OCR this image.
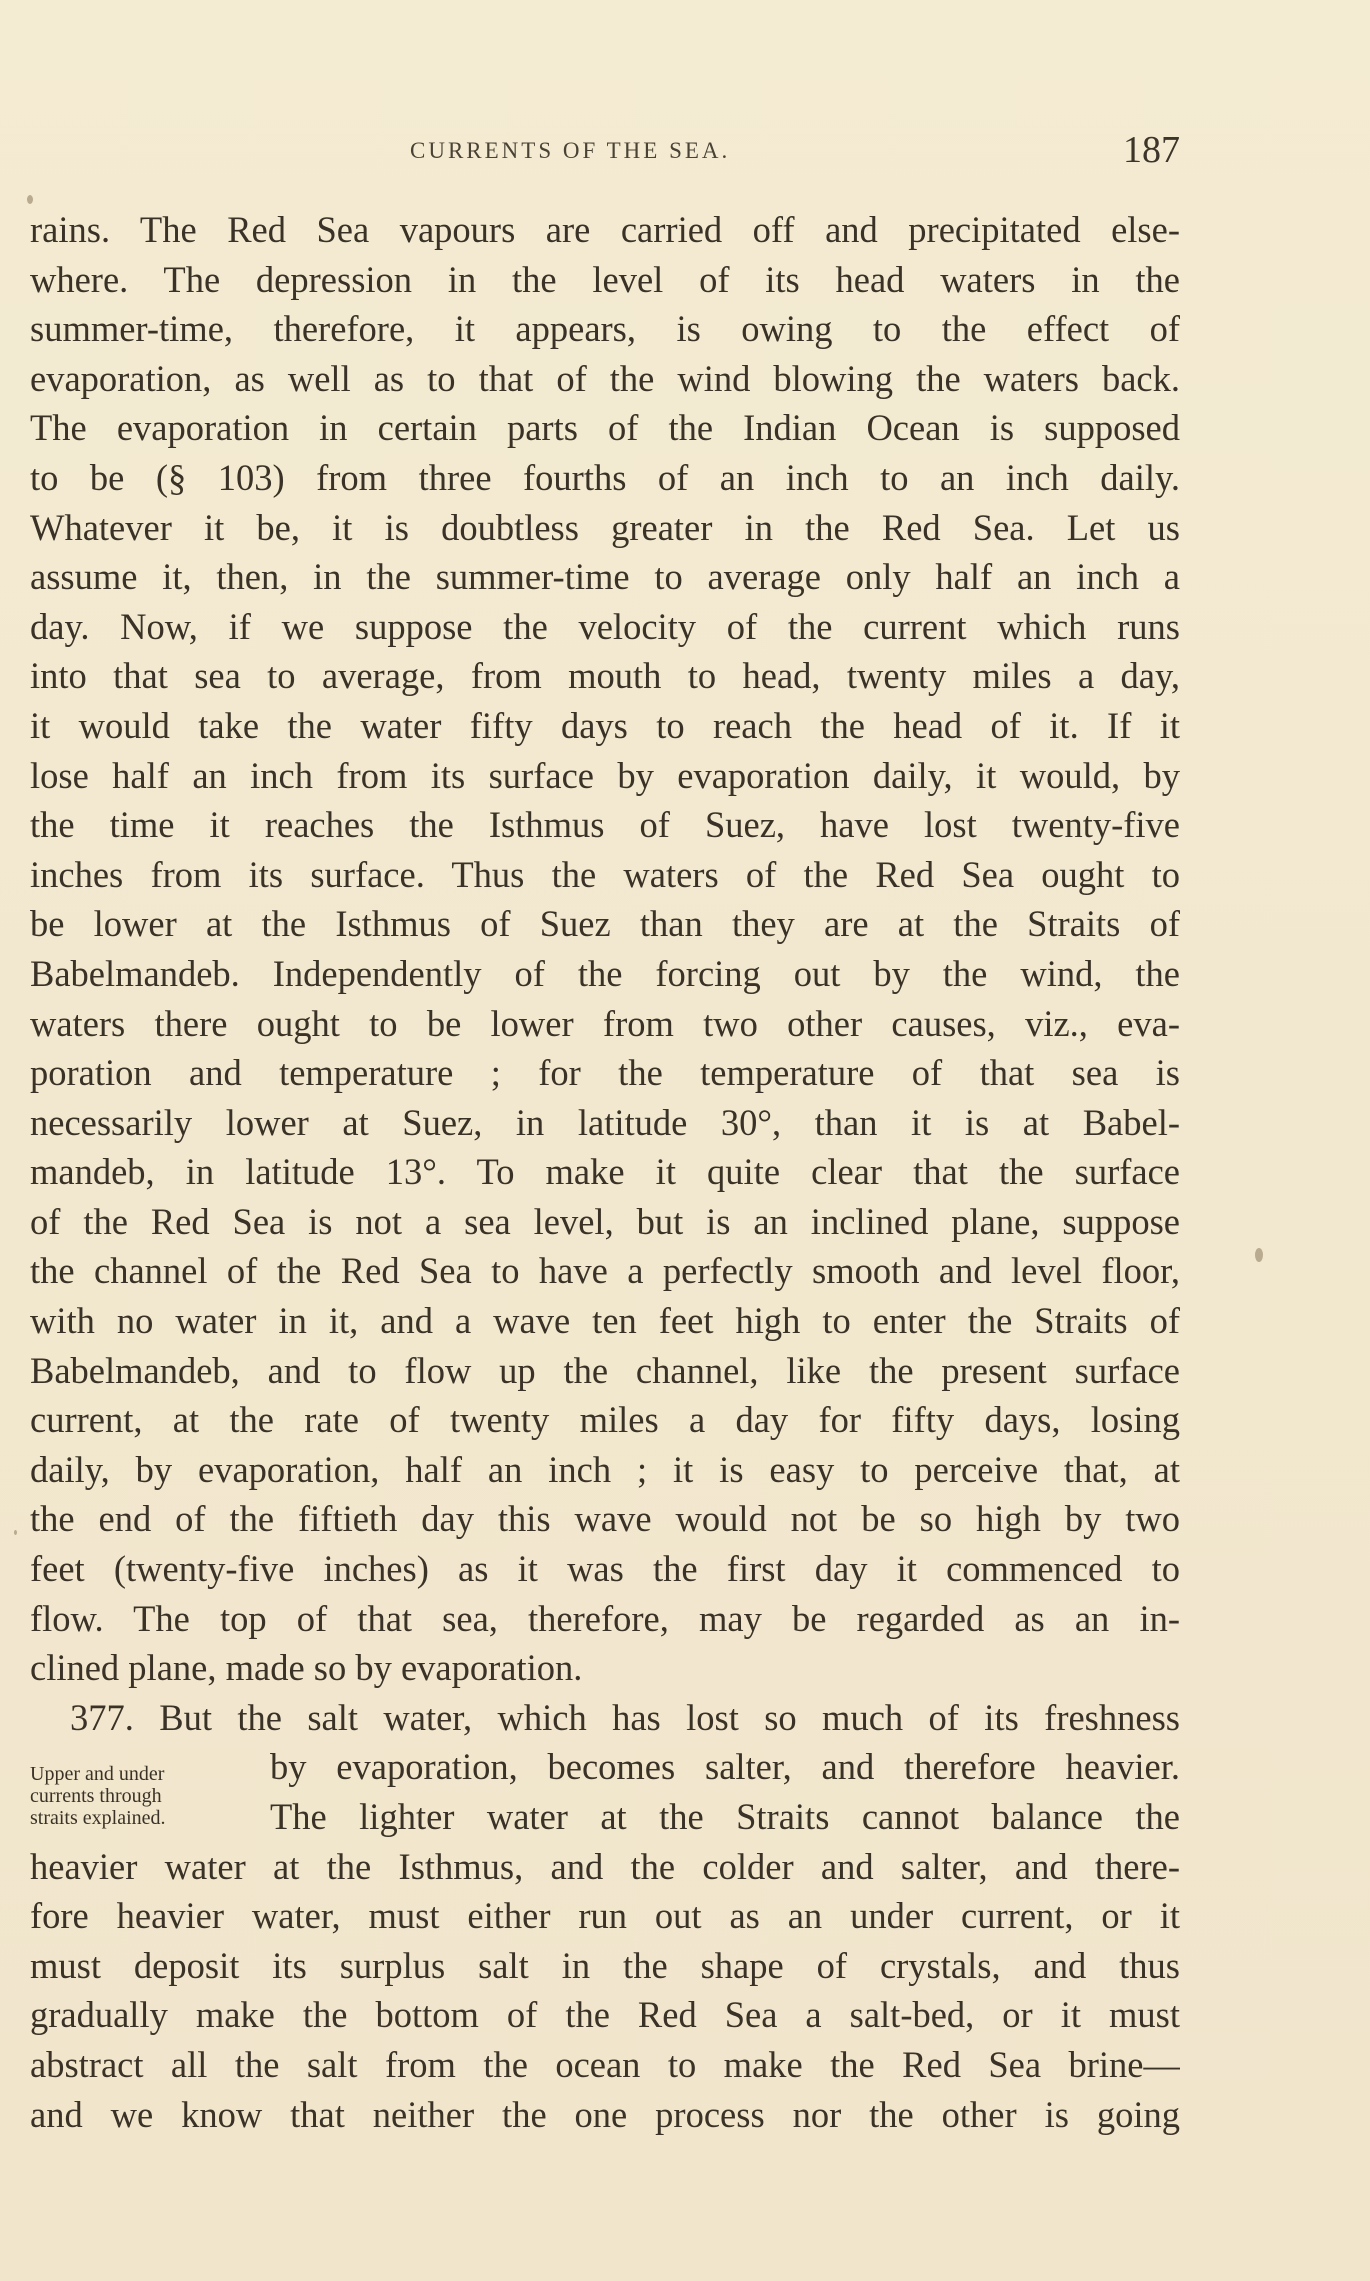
CURRENTS OF THE SEA.	187
rains. The Red Sea vapours are carried off and precipitated else-
where. The depression in the level of its head waters in the
summer-time, therefore, it appears, is owing to the effect of
evaporation, as well as to that of the wind blowing the waters back.
The evaporation in certain parts of the Indian Ocean is supposed
to be (§ 103) from three fourths of an inch to an inch daily.
Whatever it be, it is doubtless greater in the Red Sea. Let us
assume it, then, in the summer-time to average only half an inch a
day. Now, if we suppose the velocity of the current which runs
into that sea to average, from mouth to head, twenty miles a day,
it would take the water fifty days to reach the head of it. If it
lose half an inch from its surface by evaporation daily, it would, by
the time it reaches the Isthmus of Suez, have lost twenty-five
inches from its surface. Thus the waters of the Red Sea ought to
be lower at the Isthmus of Suez than they are at the Straits of
Babelmandeb. Independently of the forcing out by the wind, the
waters there ought to be lower from two other causes, viz., eva-
poration and temperature ; for the temperature of that sea is
necessarily lower at Suez, in latitude 30°, than it is at Babel-
mandeb, in latitude 13°. To make it quite clear that the surface
of the Red Sea is not a sea level, but is an inclined plane, suppose
the channel of the Red Sea to have a perfectly smooth and level floor,
with no water in it, and a wave ten feet high to enter the Straits of
Babelmandeb, and to flow up the channel, like the present surface
current, at the rate of twenty miles a day for fifty days, losing
daily, by evaporation, half an inch ; it is easy to perceive that, at
the end of the fiftieth day this wave would not be so high by two
feet (twenty-five inches) as it was the first day it commenced to
flow. The top of that sea, therefore, may be regarded as an in-
clined plane, made so by evaporation.
377. But the salt water, which has lost so much of its freshness
by evaporation, becomes salter, and therefore heavier.
The lighter water at the Straits cannot balance the
heavier water at the Isthmus, and the colder and salter, and there-
fore heavier water, must either run out as an under current, or it
must deposit its surplus salt in the shape of crystals, and thus
gradually make the bottom of the Red Sea a salt-bed, or it must
abstract all the salt from the ocean to make the Red Sea brine—
and we know that neither the one process nor the other is going
Upper and under
currents through
straits explained.
